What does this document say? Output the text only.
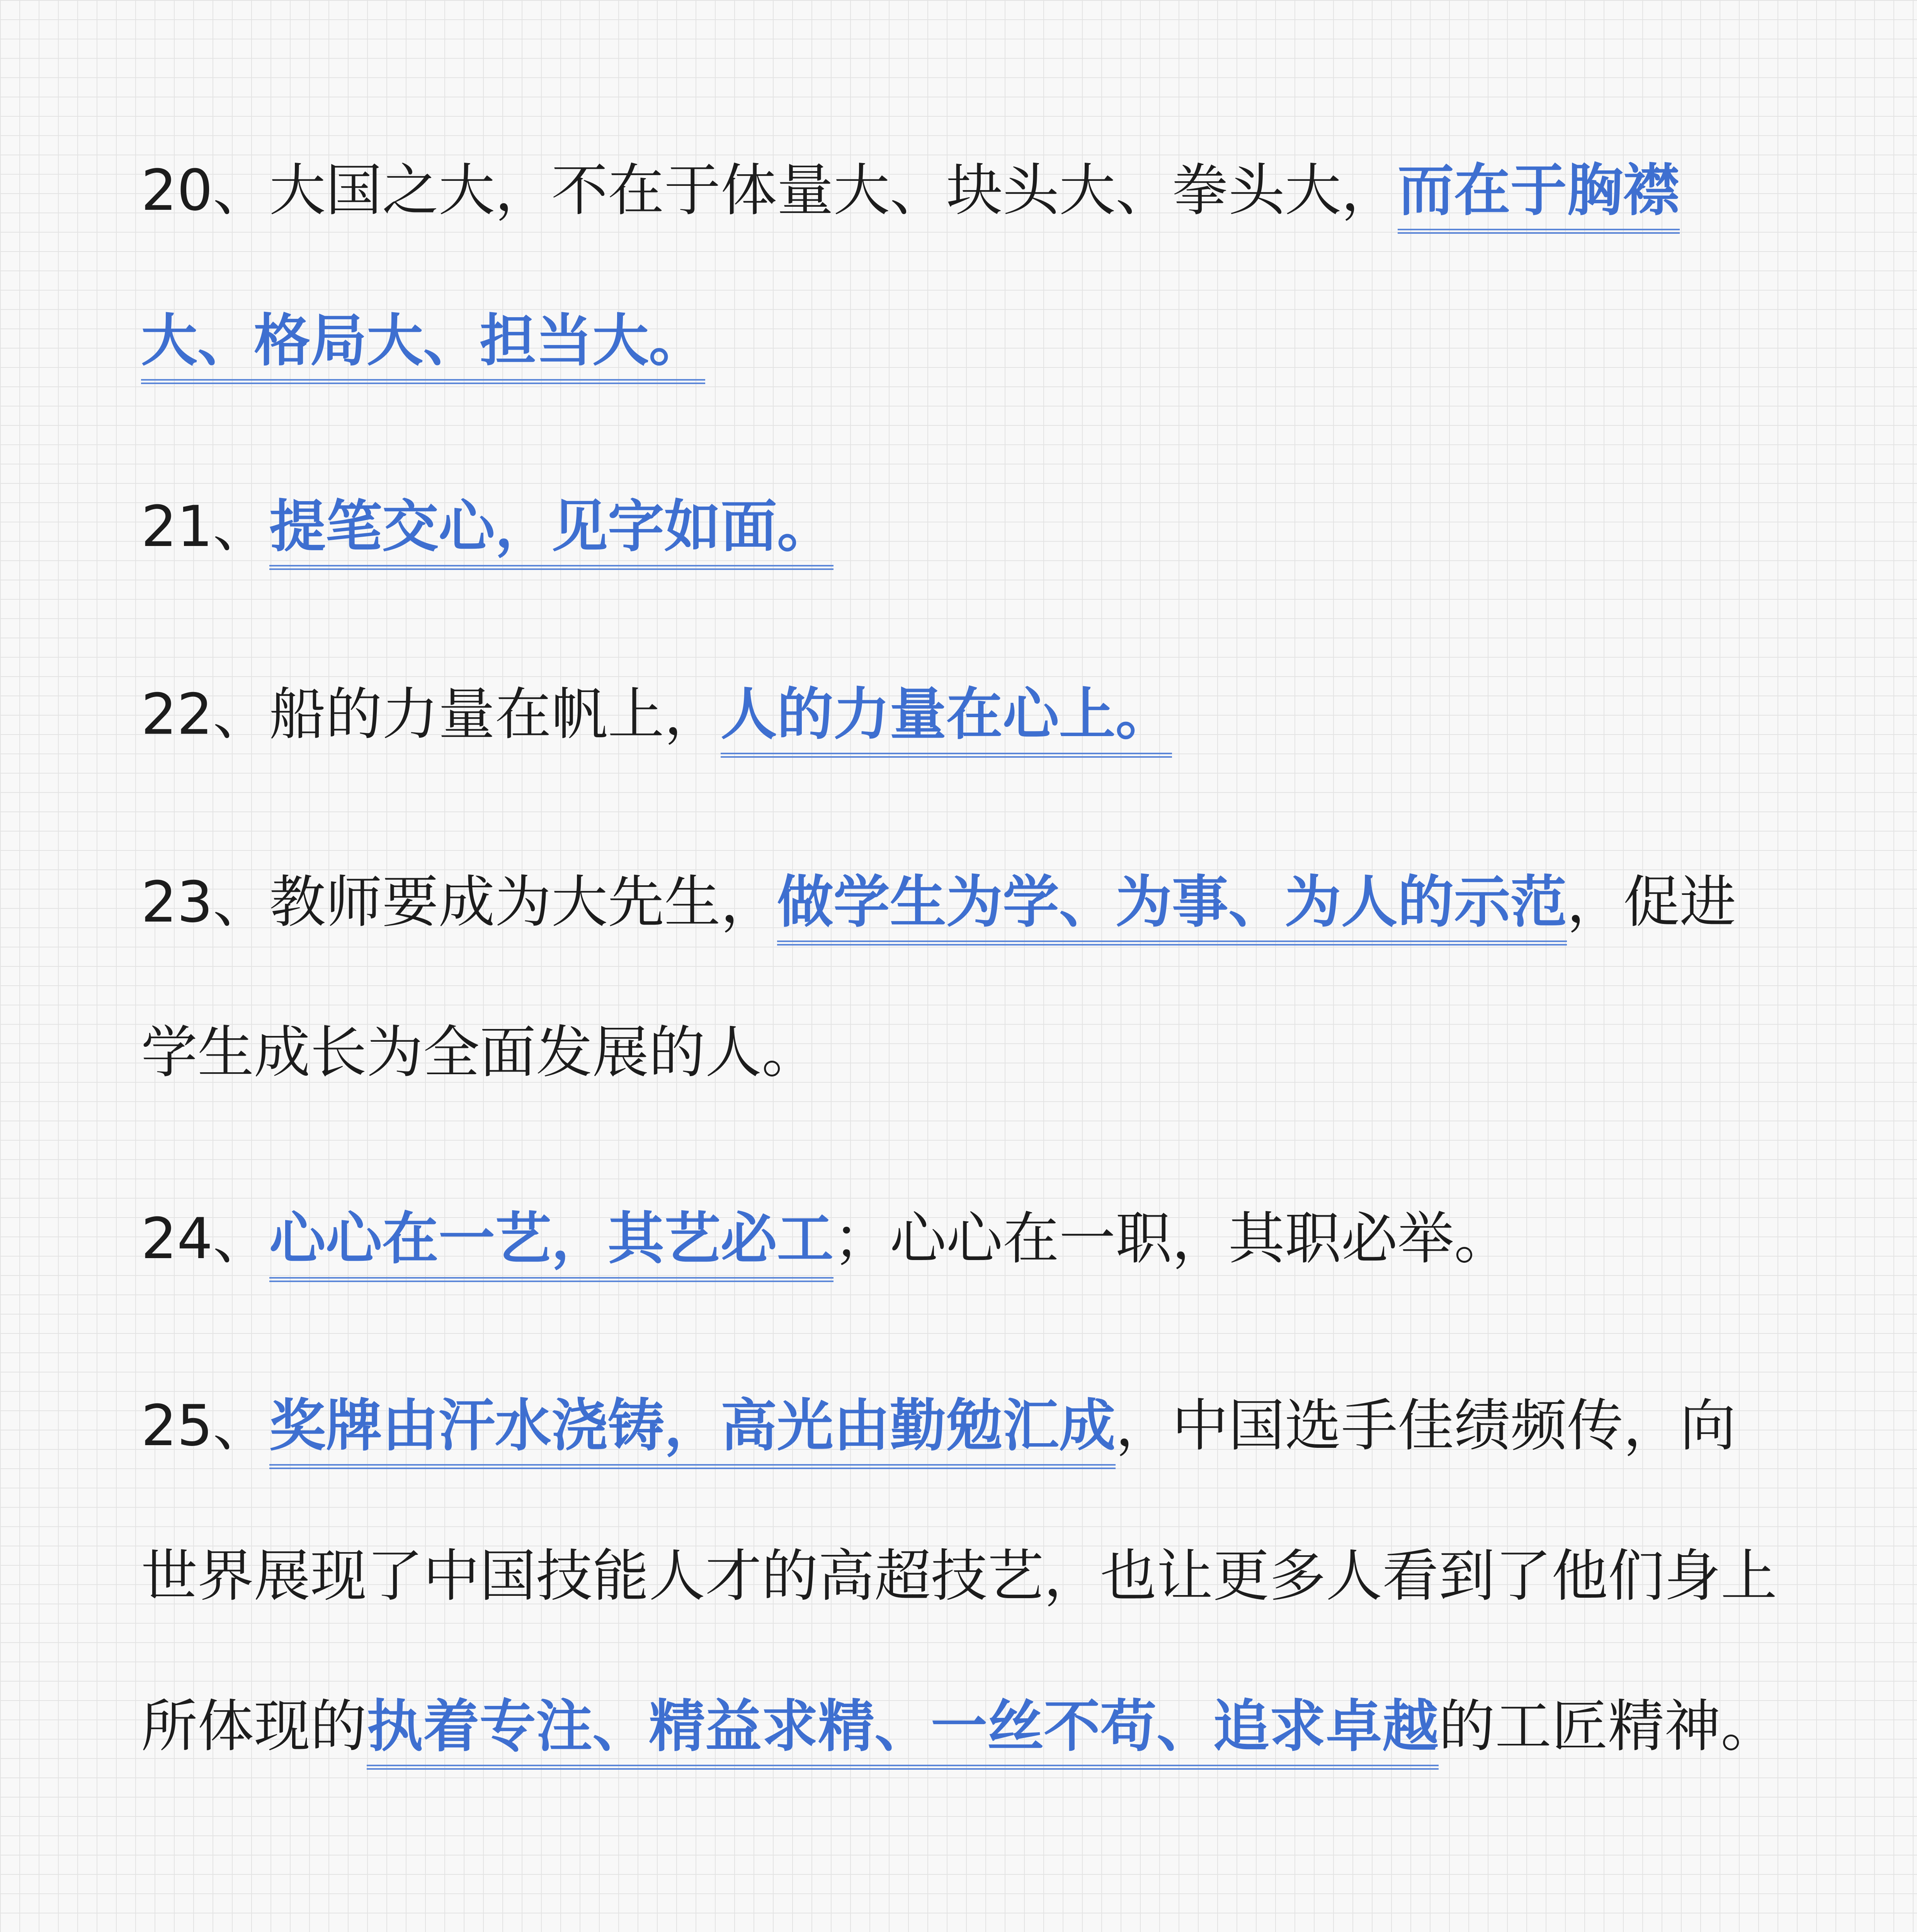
20、大国之大，不在于体量大、块头大、拳头大，而在于胸襟大、格局大、担当大。

21、提笔交心，见字如面。

22、船的力量在帆上，人的力量在心上。

23、教师要成为大先生，做学生为学、为事、为人的示范，促进学生成长为全面发展的人。

24、心心在一艺，其艺必工；心心在一职，其职必举。

25、奖牌由汗水浇铸，高光由勤勉汇成，中国选手佳绩频传，向世界展现了中国技能人才的高超技艺，也让更多人看到了他们身上所体现的执着专注、精益求精、一丝不苟、追求卓越的工匠精神。
